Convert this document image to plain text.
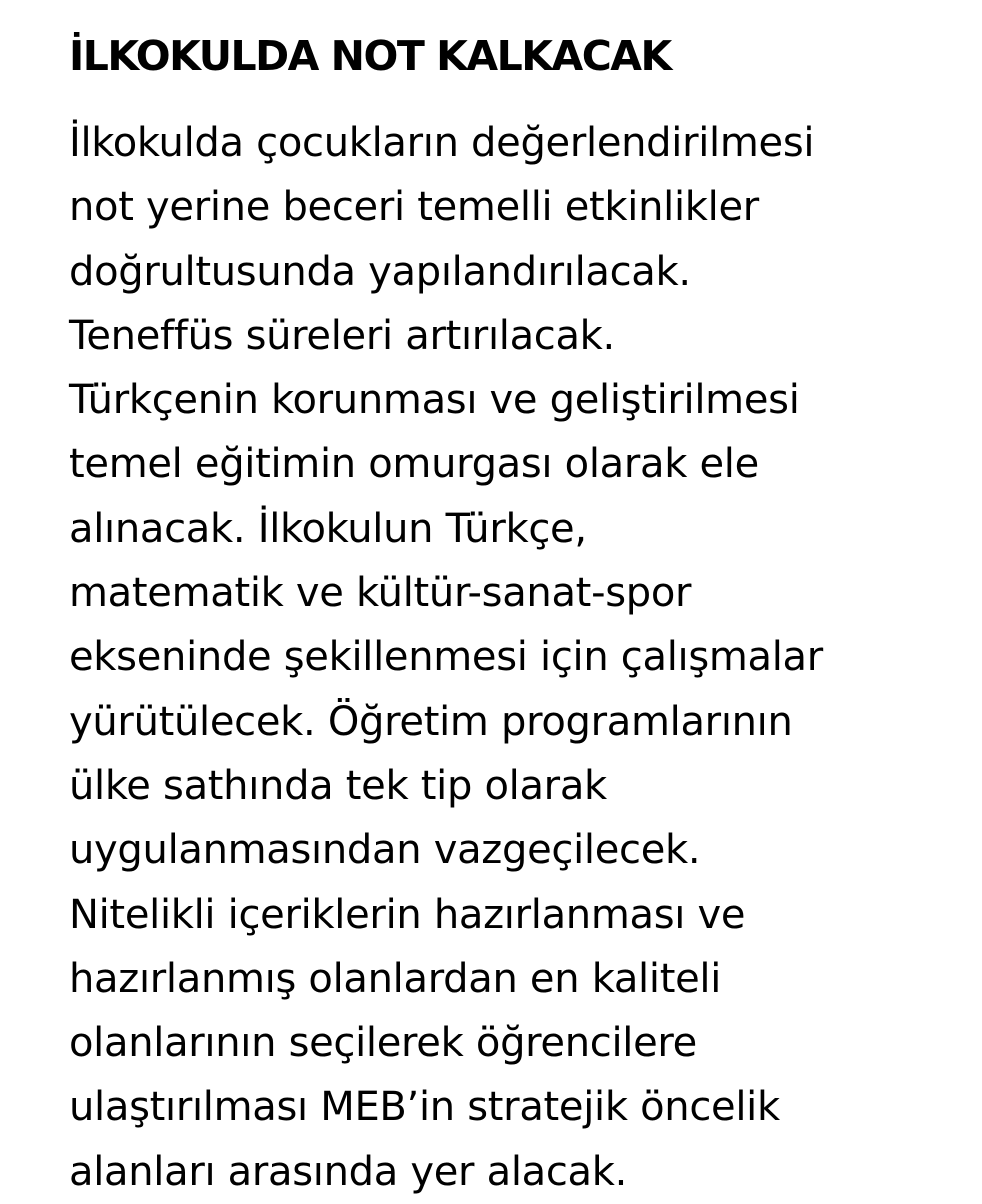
İLKOKULDA NOT KALKACAK

İlkokulda çocukların değerlendirilmesi
not yerine beceri temelli etkinlikler
doğrultusunda yapılandırılacak.
Teneffüs süreleri artırılacak.
Türkçenin korunması ve geliştirilmesi
temel eğitimin omurgası olarak ele
alınacak. İlkokulun Türkçe,
matematik ve kültür-sanat-spor
ekseninde şekillenmesi için çalışmalar
yürütülecek. Öğretim programlarının
ülke sathında tek tip olarak
uygulanmasından vazgeçilecek.
Nitelikli içeriklerin hazırlanması ve
hazırlanmış olanlardan en kaliteli
olanlarının seçilerek öğrencilere
ulaştırılması MEB’in stratejik öncelik
alanları arasında yer alacak.
